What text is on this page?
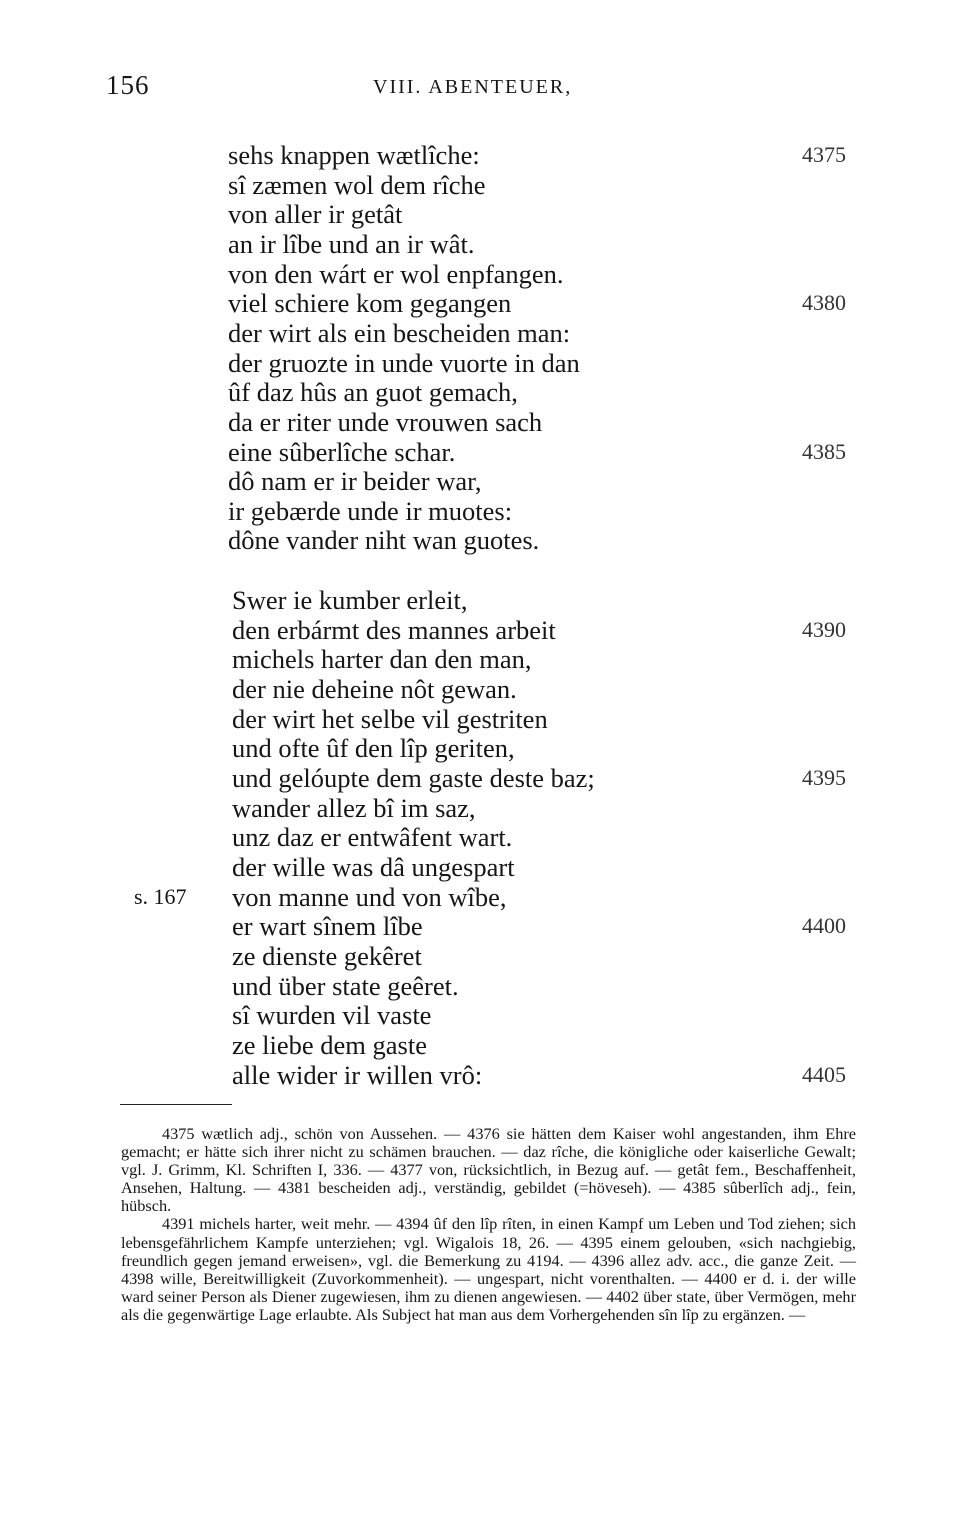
156	VIII. ABENTEUER,
sehs knappen wætlîche:	4375
sî zæmen wol dem rîche
von aller ir getât
an ir lîbe und an ir wât.
von den wárt er wol enpfangen.
viel schiere kom gegangen	4380
der wirt als ein bescheiden man:
der gruozte in unde vuorte in dan
ûf daz hûs an guot gemach,
da er riter unde vrouwen sach
eine sûberlîche schar.	4385
dô nam er ir beider war,
ir gebærde unde ir muotes:
dône vander niht wan guotes.
Swer ie kumber erleit,
den erbármt des mannes arbeit	4390
michels harter dan den man,
der nie deheine nôt gewan.
der wirt het selbe vil gestriten
und ofte ûf den lîp geriten,
und gelóupte dem gaste deste baz;	4395
wander allez bî im saz,
unz daz er entwâfent wart.
der wille was dâ ungespart
von manne und von wîbe,
s. 167
er wart sînem lîbe	4400
ze dienste gekêret
und über state geêret.
sî wurden vil vaste
ze liebe dem gaste
alle wider ir willen vrô:	4405

4375 wætlich adj., schön von Aussehen. — 4376 sie hätten dem Kaiser wohl angestanden, ihm Ehre gemacht; er hätte sich ihrer nicht zu schämen brauchen. — daz rîche, die königliche oder kaiserliche Gewalt; vgl. J. Grimm, Kl. Schriften I, 336. — 4377 von, rücksichtlich, in Bezug auf. — getât fem., Beschaffenheit, Ansehen, Haltung. — 4381 bescheiden adj., verständig, gebildet (=höveseh). — 4385 sûberlîch adj., fein, hübsch.

4391 michels harter, weit mehr. — 4394 ûf den lîp rîten, in einen Kampf um Leben und Tod ziehen; sich lebensgefährlichem Kampfe unterziehen; vgl. Wigalois 18, 26. — 4395 einem gelouben, «sich nachgiebig, freundlich gegen jemand erweisen», vgl. die Bemerkung zu 4194. — 4396 allez adv. acc., die ganze Zeit. — 4398 wille, Bereitwilligkeit (Zuvorkommenheit). — ungespart, nicht vorenthalten. — 4400 er d. i. der wille ward seiner Person als Diener zugewiesen, ihm zu dienen angewiesen. — 4402 über state, über Vermögen, mehr als die gegenwärtige Lage erlaubte. Als Subject hat man aus dem Vorhergehenden sîn lîp zu ergänzen. —
